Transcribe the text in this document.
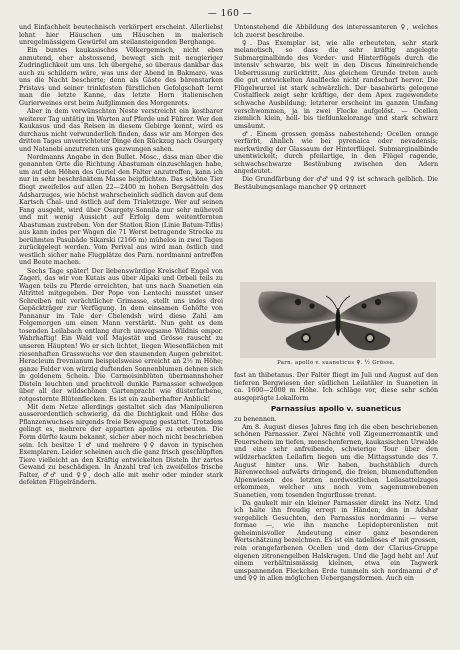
— 160 —

und Einfachheit beutechnisch verkörpert erscheint. Allerliebst lehnt hier Häuschen um Häuschen in malerisch unregelmässigem Gewürfel am steilansteigenden Berghange.

Ein buntes kaukasisches Völkergemisch, nicht eben anmutend, eher abstossend, bewegt sich mit neugieriger Zudringlichkeit um uns. Ich übergehe, so überaus dankbar das auch zu schildern wäre, was uns der Abend in Bakmaro, was uns die Nacht bescherte; denn als Gäste des bärenstarken Pristavs und seiner trinkfesten fürstlichen Gefolgschaft lernt man die letzte Kanne, das letzte Horn italienischen Gurierweines erst beim Aufglimmen des Morgenrots.

Aber in dem verwünschten Neste verstreicht ein kostbarer weiterer Tag untätig im Warten auf Pferde und Führer. Wer den Kaukasus und das Reisen in diesem Gebirge kennt, wird es durchaus nicht verwunderlich finden, dass wir am Morgen des dritten Tages unverrichteter Dinge den Rückzug nach Osurgety und Natanebi anzutreten uns gezwungen sahen.

Nordmanns Angabe in den Bullet. Mosc., dass man über die genannten Orte die Richtung Abastuman einzuschlagen habe, um auf den Höhen des Guriel den Falter anzutreffen, kann ich nur in sehr beschränktem Masse beipflichten. Das schöne Tier fliegt zweifellos auf allen 22—2400 m hohen Bergsätteln des Adsharzuges, wie höchst wahrscheinlich südlich davon auf dem Kartsch Chal- und östlich auf dem Trialetzuge. Wer auf seinen Fang ausgeht, wird über Osurgety-Sonnila nur sehr mühevoll und mit wenig Aussicht auf Erfolg dem weitentfernten Abastuman zustreben. Von der Station Rion (Linie Batum-Tiflis) aus kann indes per Wagen die 71 Werst betragende Strecke zu berühmten Pasubäde Sikarski (2166 m) mühelos in zwei Tagen zurückgelegt werden. Vom Perival aus wird man östlich und westlich sicher nahe Flugplätze des Parn. nordmanni antreffen und Beute machen.

Sechs Tage später! Der liebenswürdige Kreischef Engel von Zageri, das wir von Kutais aus über Alpaki und Orbeli teils zu Wagen teils zu Pferde erreichten, hat uns nach Suanetien ein Altrittel mitgegeben. Der Pope von Lentechi musstet unser Schreiben mit verächtlicher Grimasse, stellt uns indes drei Gepäckträger zur Verfügung. In dem einsamen Gehöfte von Pannanur im Tale der Chelendsh wird diese Zahl am Folgemorgen um einen Mann verstärkt. Nun geht es dem tosenden Leilabach entlang durch unwegsame Wildnis empor. Wahrhaftig! Ein Wald voll Majestät und Grösse rauscht zu unseren Häupten! Wo er sich lichtet, liegen Wiesenflächen mit riesenhaften Grasswuchs vor den staunenden Augen gebreitet. Heracleum frevnianum beispielsweise erreicht an 2½ m Höhe; ganze Felder von würzig duftenden Sonnenblumen dehnen sich in goldenem Schein. Die Carmoisinblüten übermannshoher Disteln leuchten und prachtvoll dunkle Parnassier schwelgen über all der wildschönen Gartenpracht wie düsterfarbene, rotgesternte Blütenflecken. Es ist ein zauberhafter Anblick!

Mit dem Netze allerdings gestaltet sich das Manipulieren ausserordentlich schwierig, da die Dichtigkeit und Höhe des Pflanzenwuchses nirgends freie Bewegung gestattet. Trotzdem gelingt es, mehrere der apparten apollos zu erbeuten. Die Form dürfte kaum bekannt, sicher aber noch nicht beschrieben sein. Ich besitze 1 ♂ und mehrere ♀♀ davon in typischen Exemplaren. Leider scheinen auch die ganz frisch geschlüpften Tiere vielleicht an den Kräftig entwickelten Disteln ihr zartes Gewand zu beschädigen. In Anzahl traf ich zweifellos frische Falter, ♂♂ und ♀♀, doch alle mit mehr oder minder stark defekten Flügelrändern.

Untenstehend die Abbildung des interessanteren ♀, welches ich zuerst beschreibe.

♀. Das Exemplar ist, wie alle erbeuteten, sehr stark melanotisch, so dass die sehr kräftig angelegte Submarginalbinde des Vorder- und Hinterflügels durch die intensiv schwarze, bis weit in den Discus hineinreichende Ueberrussung zurücktritt. Aus gleichem Grunde treten auch die gut entwickelten Analflecke nicht randscharf hervor. Die Flügelwurzel ist stark schwärzlich. Der basalwärts gelegene Costalfleck zeigt sehr kräftige, der dem Apex zugewendete schwache Ausbildung; letzterer erscheint im ganzen Umfang verschwommen, ja in zwei Flecke aufgelöst. — Ocellen ziemlich klein, hell- bis tiefdunkelorange und stark schwarz umsäumt.

♂. Einem grossen gemäss nahestehend; Ocellen orange verfärbt, ähnlich wie bei pyrenaica oder nevadensis; merkwürdig der Glassaum der Hinterflügel. Submarginalbinde unentwickelt; durch pfeilartige, in den Flügel ragende, schwachschwarze Bestäubung zwischen den Adern angedeutet.

Die Grundfärbung der ♂♂ und ♀♀ ist schwach gelblich. Die Bestäubungsanlage mancher ♀♀ erinnert

Parn. apollo v. suaneticus ♀. ½ Grösse.

fast an thibetanus. Der Falter fliegt im Juli und August auf den tieferen Bergwiesen der südlichen Leilatäler in Suanetien in ca. 1600—2000 m Höhe. Ich schläge vor, diese sehr schön ausgeprägte Lokalform

Parnassius apollo v. suaneticus

zu benennen.

Am 8. August dieses Jahres fing ich die eben beschriebenen schönen Parnassier. Zwei Nächte voll Zigeunerromantik und Feuerschein im tiefen, menschenfernen, kaukasischen Urwalde und eine sehr anfreibende, schwierige Tour über den wildzerhackten Leilafirn liegen um die Mittagsstunde des 7. August hinter uns. Wir haben, buchstäblich durch Bärenwechsel aufwärts dringend, die freien, blumenduftenden Alpenwiesen des letzten nordwestlichen Leilasattelzuges erkommen, welcher uns noch vom sagenumwobenen Suanetien, vom tosenden Ingurflusse trennt.

Da gaukelt mir ein kleiner Parnassier direkt ins Netz. Und ich halte ihn freudig erregt in Händen, den in Adshar vergeblich Gesuchten, den Parnassius nordmanni — verse formae —, wie ihn manche Lepidopterenlisten mit geheimnisvoller Andeutung einer ganz besonderen Wertschätzung bezeichnen. Es ist ein tadelloses ♂ mit grossen, rein orangefarbenen Ocellen und dem der Clarius-Gruppe eigenen zitronengelben Halskragen. Und die Jagd hebt an! Auf einem verhältnismässig kleinen, etwa ein Tagwerk umspannenden Fleckchen Erde tummeln sich nordmanni ♂♂ und ♀♀ in allen möglichen Uebergangsformen. Auch ein
